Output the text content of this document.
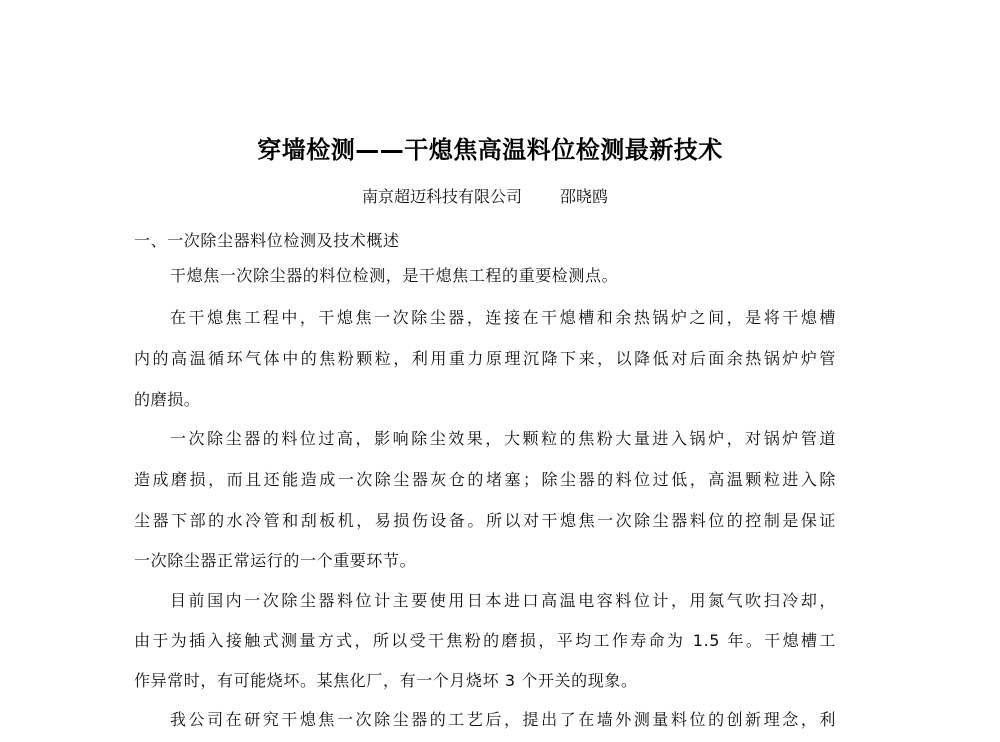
穿墙检测——干熄焦高温料位检测最新技术
南京超迈科技有限公司 邵晓鸥
一、一次除尘器料位检测及技术概述
干熄焦一次除尘器的料位检测，是干熄焦工程的重要检测点。
在干熄焦工程中，干熄焦一次除尘器，连接在干熄槽和余热锅炉之间，是将干熄槽
内的高温循环气体中的焦粉颗粒，利用重力原理沉降下来，以降低对后面余热锅炉炉管
的磨损。
一次除尘器的料位过高，影响除尘效果，大颗粒的焦粉大量进入锅炉，对锅炉管道
造成磨损，而且还能造成一次除尘器灰仓的堵塞；除尘器的料位过低，高温颗粒进入除
尘器下部的水冷管和刮板机，易损伤设备。所以对干熄焦一次除尘器料位的控制是保证
一次除尘器正常运行的一个重要环节。
目前国内一次除尘器料位计主要使用日本进口高温电容料位计，用氮气吹扫冷却，
由于为插入接触式测量方式，所以受干焦粉的磨损，平均工作寿命为 1.5 年。干熄槽工
作异常时，有可能烧坏。某焦化厂，有一个月烧坏 3 个开关的现象。
我公司在研究干熄焦一次除尘器的工艺后，提出了在墙外测量料位的创新理念，利
